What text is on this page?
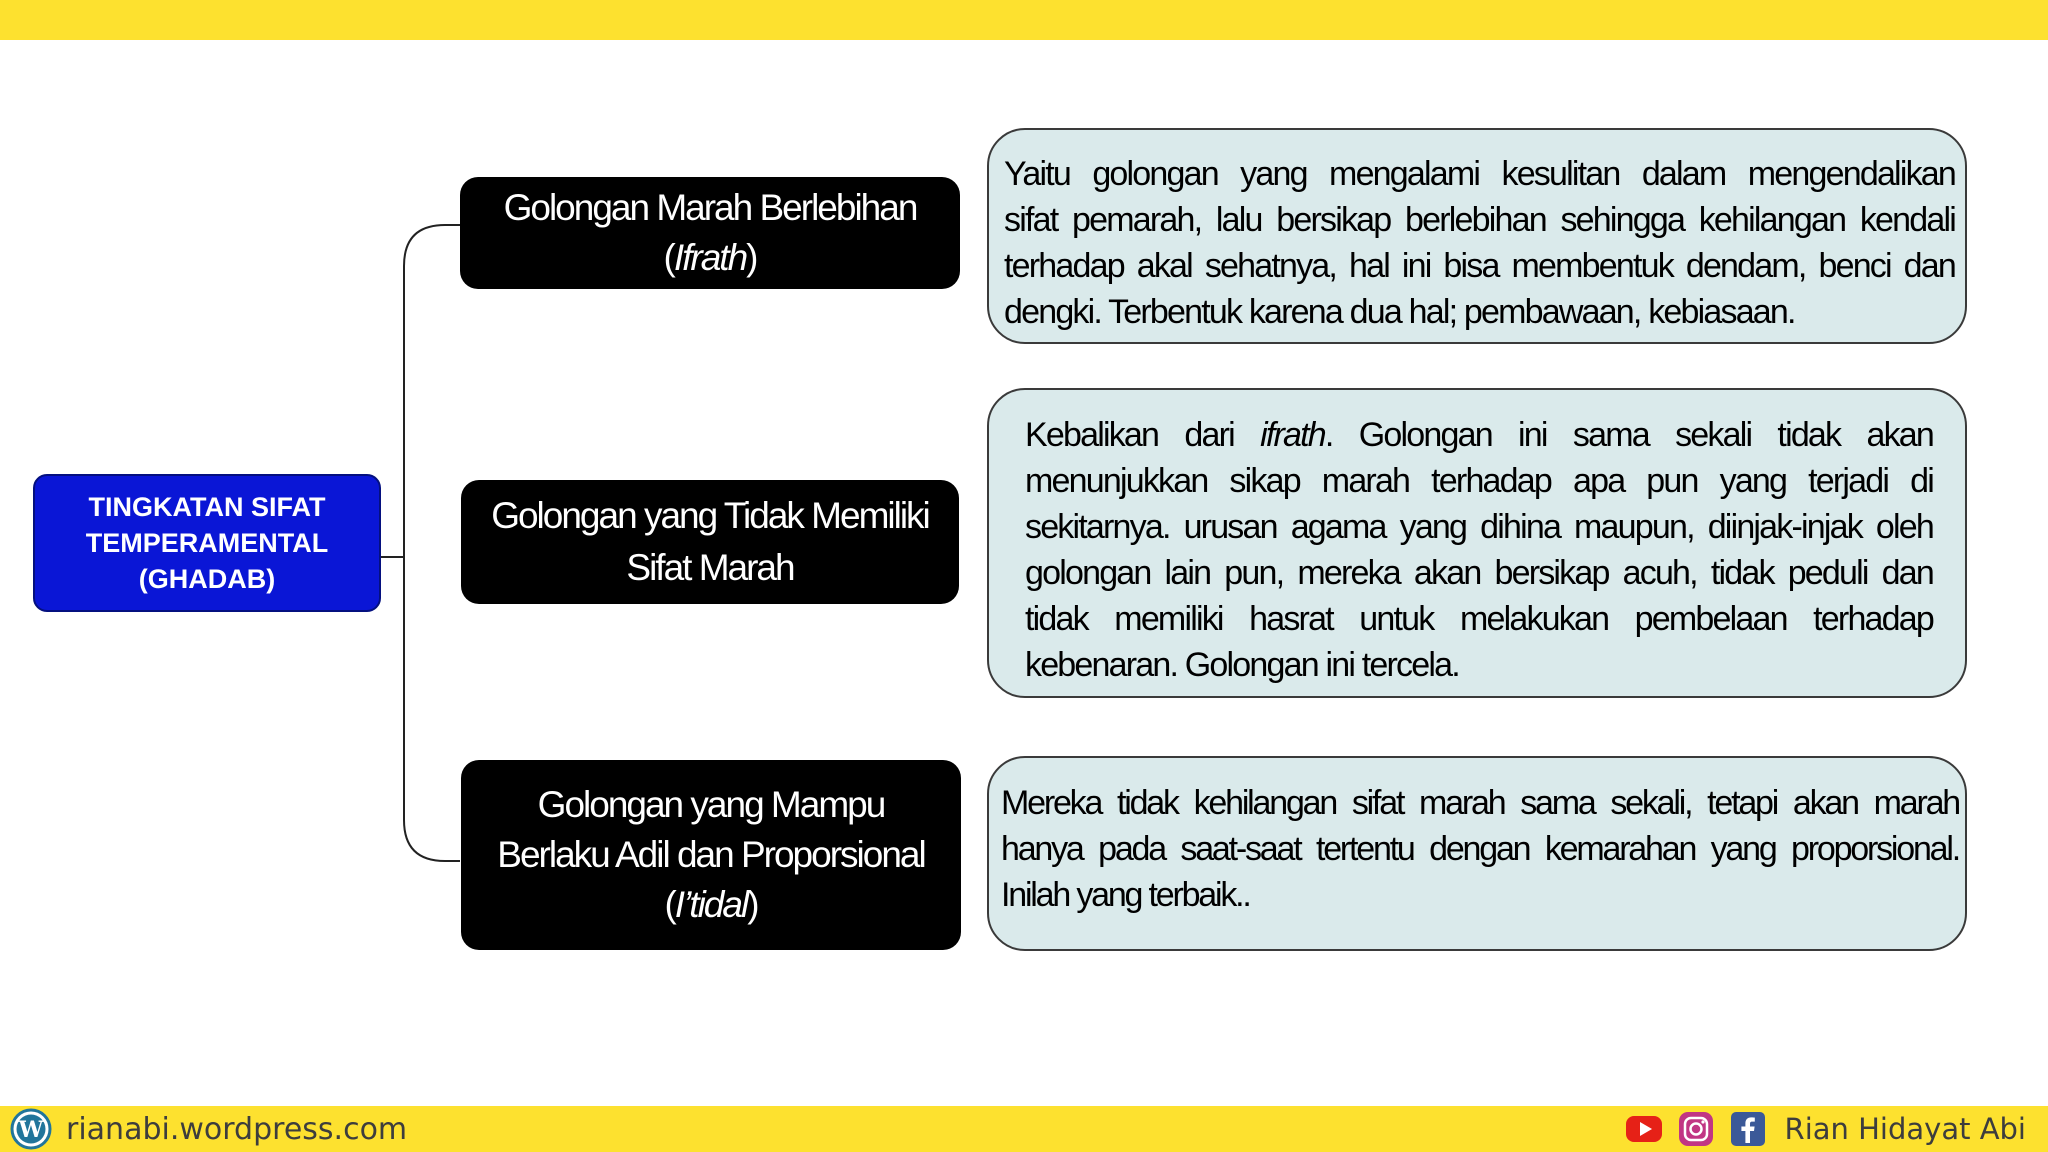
TINGKATAN SIFAT
TEMPERAMENTAL
(GHADAB)
Golongan Marah Berlebihan
(Ifrath)
Golongan yang Tidak Memiliki
Sifat Marah
Golongan yang Mampu
Berlaku Adil dan Proporsional
(I’tidal)
Yaitu golongan yang mengalami kesulitan dalam mengendalikan
sifat pemarah, lalu bersikap berlebihan sehingga kehilangan kendali
terhadap akal sehatnya, hal ini bisa membentuk dendam, benci dan
dengki. Terbentuk karena dua hal; pembawaan, kebiasaan.
Kebalikan dari ifrath. Golongan ini sama sekali tidak akan
menunjukkan sikap marah terhadap apa pun yang terjadi di
sekitarnya. urusan agama yang dihina maupun, diinjak-injak oleh
golongan lain pun, mereka akan bersikap acuh, tidak peduli dan
tidak memiliki hasrat untuk melakukan pembelaan terhadap
kebenaran. Golongan ini tercela.
Mereka tidak kehilangan sifat marah sama sekali, tetapi akan marah
hanya pada saat-saat tertentu dengan kemarahan yang proporsional.
Inilah yang terbaik..
W rianabi.wordpress.com	Rian Hidayat Abi
